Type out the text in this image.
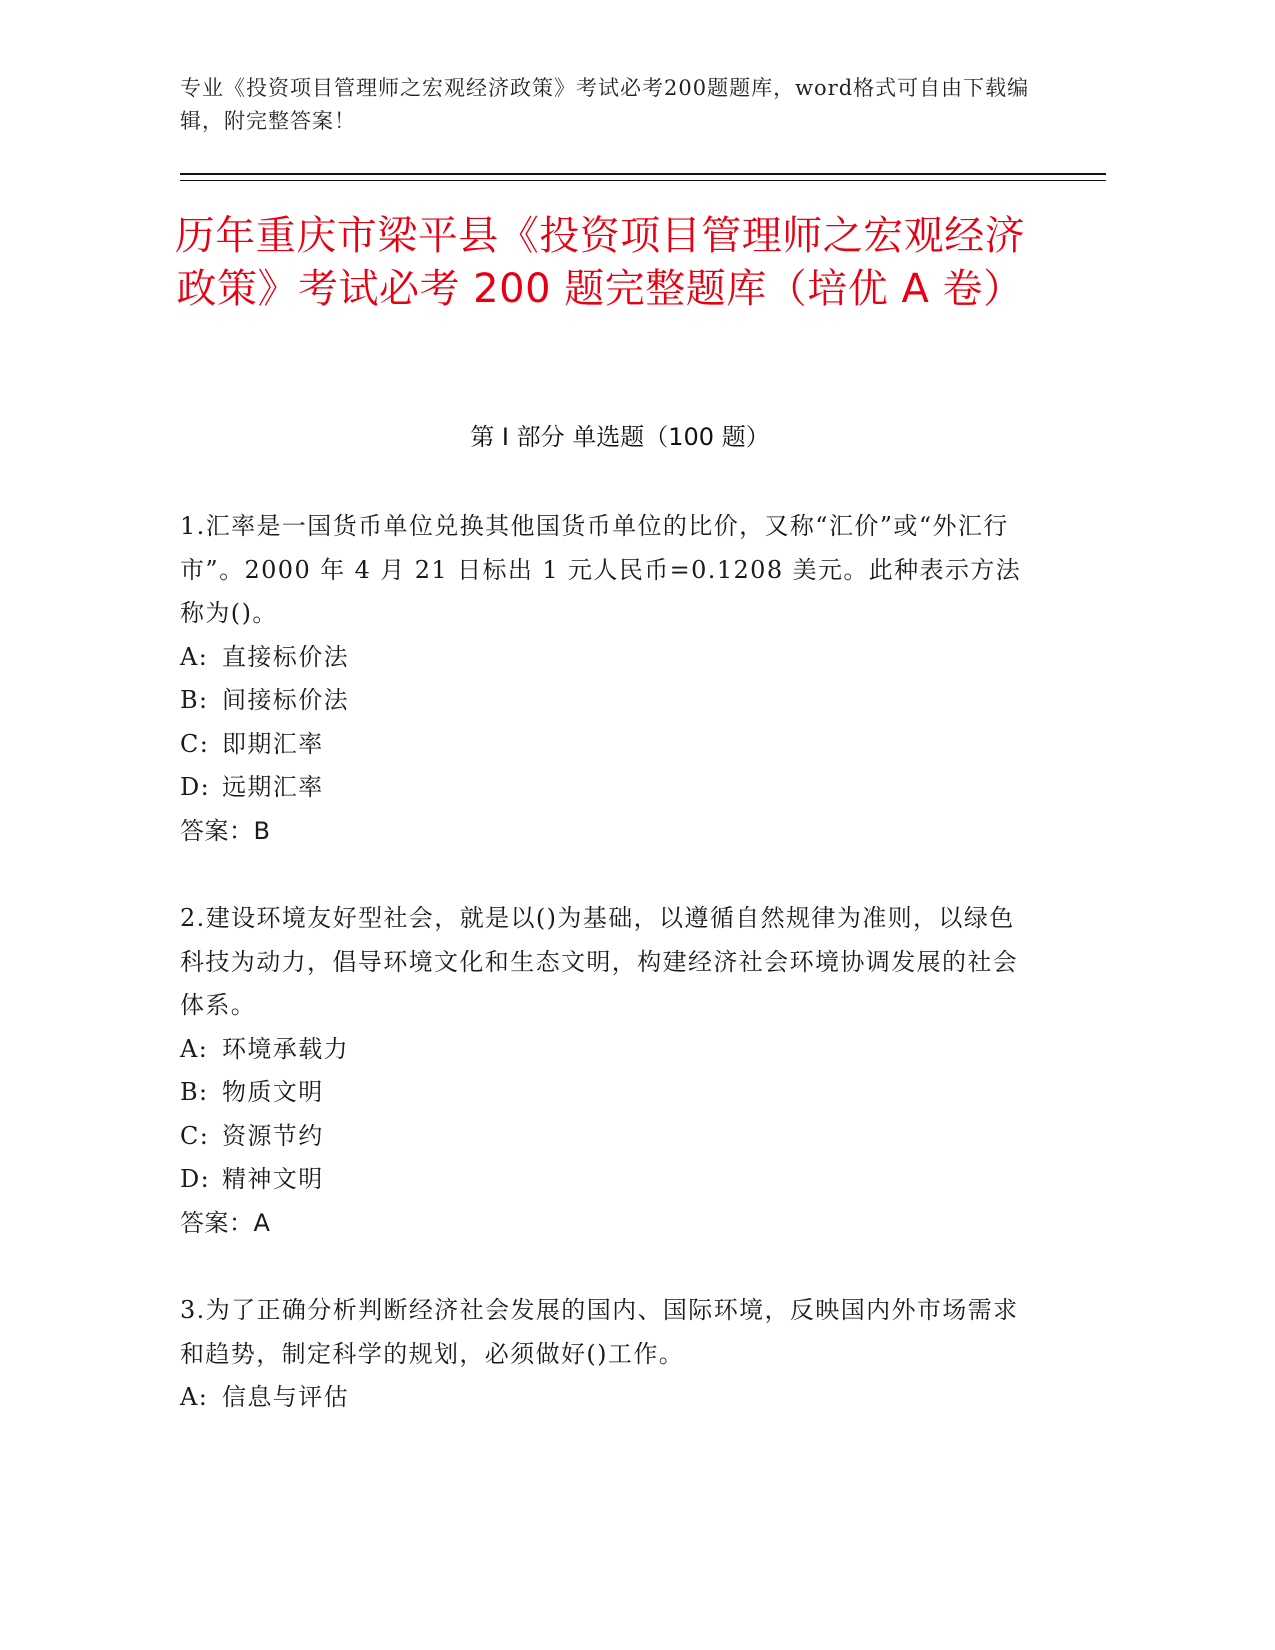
专业《投资项目管理师之宏观经济政策》考试必考200题题库，word格式可自由下载编辑，附完整答案！
历年重庆市梁平县《投资项目管理师之宏观经济政策》考试必考 200 题完整题库（培优 A 卷）
第 I 部分 单选题（100 题）
1.汇率是一国货币单位兑换其他国货币单位的比价，又称“汇价”或“外汇行市”。2000 年 4 月 21 日标出 1 元人民币=0.1208 美元。此种表示方法称为()。
A: 直接标价法
B: 间接标价法
C: 即期汇率
D: 远期汇率
答案：B
2.建设环境友好型社会，就是以()为基础，以遵循自然规律为准则，以绿色科技为动力，倡导环境文化和生态文明，构建经济社会环境协调发展的社会体系。
A: 环境承载力
B: 物质文明
C: 资源节约
D: 精神文明
答案：A
3.为了正确分析判断经济社会发展的国内、国际环境，反映国内外市场需求和趋势，制定科学的规划，必须做好()工作。
A: 信息与评估
